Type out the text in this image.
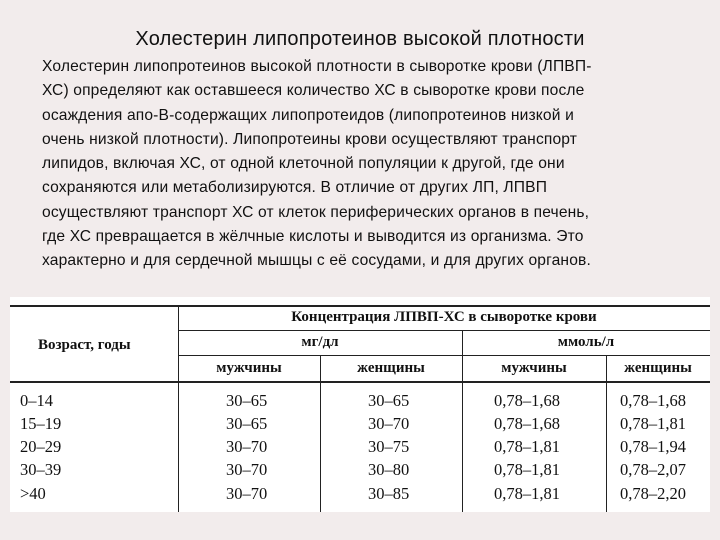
Холестерин липопротеинов высокой плотности
Холестерин липопротеинов высокой плотности в сыворотке крови (ЛПВП-
ХС) определяют как оставшееся количество ХС в сыворотке крови после
осаждения апо-В-содержащих липопротеидов (липопротеинов низкой и
очень низкой плотности). Липопротеины крови осуществляют транспорт
липидов, включая ХС, от одной клеточной популяции к другой, где они
сохраняются или метаболизируются. В отличие от других ЛП, ЛПВП
осуществляют транспорт ХС от клеток периферических органов в печень,
где ХС превращается в жёлчные кислоты и выводится из организма. Это
характерно и для сердечной мышцы с её сосудами, и для других органов.
Возраст, годы
Концентрация ЛПВП-ХС в сыворотке крови
мг/дл	ммоль/л
мужчины	женщины	мужчины	женщины
0–14	30–65	30–65	0,78–1,68	0,78–1,68
15–19	30–65	30–70	0,78–1,68	0,78–1,81
20–29	30–70	30–75	0,78–1,81	0,78–1,94
30–39	30–70	30–80	0,78–1,81	0,78–2,07
>40	30–70	30–85	0,78–1,81	0,78–2,20
